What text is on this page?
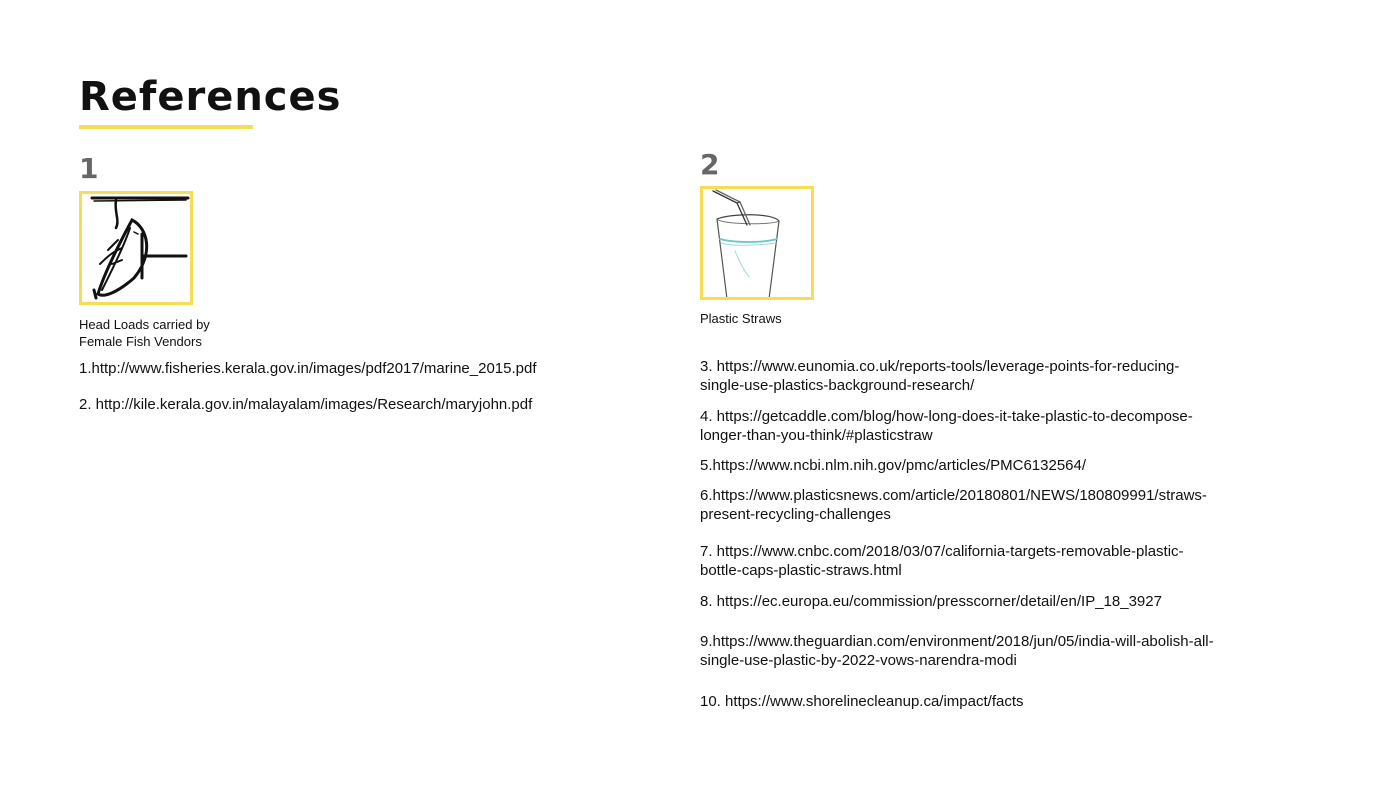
References
1
Head Loads carried by
Female Fish Vendors

1.http://www.fisheries.kerala.gov.in/images/pdf2017/marine_2015.pdf

2. http://kile.kerala.gov.in/malayalam/images/Research/maryjohn.pdf

2
Plastic Straws
3. https://www.eunomia.co.uk/reports-tools/leverage-points-for-reducing-
single-use-plastics-background-research/
4. https://getcaddle.com/blog/how-long-does-it-take-plastic-to-decompose-
longer-than-you-think/#plasticstraw
5.https://www.ncbi.nlm.nih.gov/pmc/articles/PMC6132564/
6.https://www.plasticsnews.com/article/20180801/NEWS/180809991/straws-
present-recycling-challenges
7. https://www.cnbc.com/2018/03/07/california-targets-removable-plastic-
bottle-caps-plastic-straws.html
8. https://ec.europa.eu/commission/presscorner/detail/en/IP_18_3927
9.https://www.theguardian.com/environment/2018/jun/05/india-will-abolish-all-
single-use-plastic-by-2022-vows-narendra-modi
10. https://www.shorelinecleanup.ca/impact/facts
